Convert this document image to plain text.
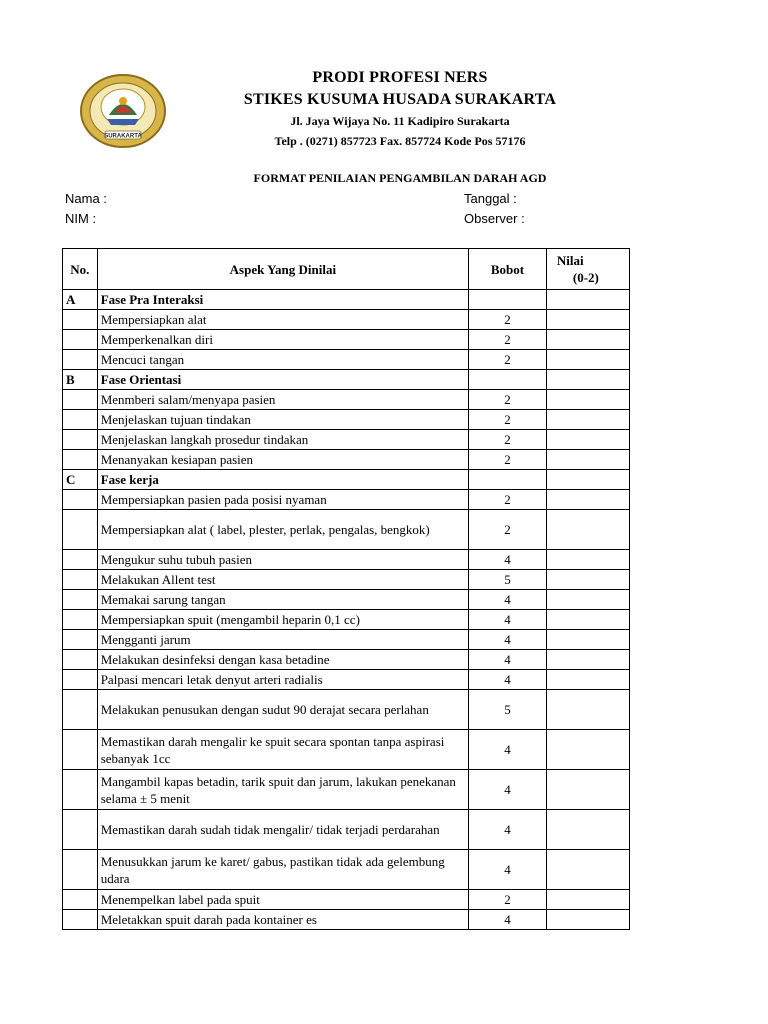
SURAKARTA
PRODI PROFESI NERS
STIKES KUSUMA HUSADA SURAKARTA
Jl. Jaya Wijaya No. 11 Kadipiro Surakarta
Telp . (0271) 857723 Fax. 857724 Kode Pos 57176
FORMAT PENILAIAN PENGAMBILAN DARAH AGD
Nama :
NIM :
Tanggal :
Observer :
No.	Aspek Yang Dinilai	Bobot	Nilai
(0-2)

A	Fase Pra Interaksi		
	Mempersiapkan alat	2	
	Memperkenalkan diri	2	
	Mencuci tangan	2	
B	Fase Orientasi		
	Menmberi salam/menyapa pasien	2	
	Menjelaskan tujuan tindakan	2	
	Menjelaskan langkah prosedur tindakan	2	
	Menanyakan kesiapan pasien	2	
C	Fase kerja		
	Mempersiapkan pasien pada posisi nyaman	2	
	Mempersiapkan alat ( label, plester, perlak, pengalas, bengkok)	2	
	Mengukur suhu tubuh pasien	4	
	Melakukan Allent test	5	
	Memakai sarung tangan	4	
	Mempersiapkan spuit (mengambil heparin 0,1 cc)	4	
	Mengganti jarum	4	
	Melakukan desinfeksi dengan kasa betadine	4	
	Palpasi mencari letak denyut arteri radialis	4	
	Melakukan penusukan dengan sudut 90 derajat secara perlahan	5	
	Memastikan darah mengalir ke spuit secara spontan tanpa aspirasi sebanyak 1cc	4	
	Mangambil kapas betadin, tarik spuit dan jarum, lakukan penekanan selama ± 5 menit	4	
	Memastikan darah sudah tidak mengalir/ tidak terjadi perdarahan	4	
	Menusukkan jarum ke karet/ gabus, pastikan tidak ada gelembung udara	4	
	Menempelkan label pada spuit	2	
	Meletakkan spuit darah pada kontainer es	4	
